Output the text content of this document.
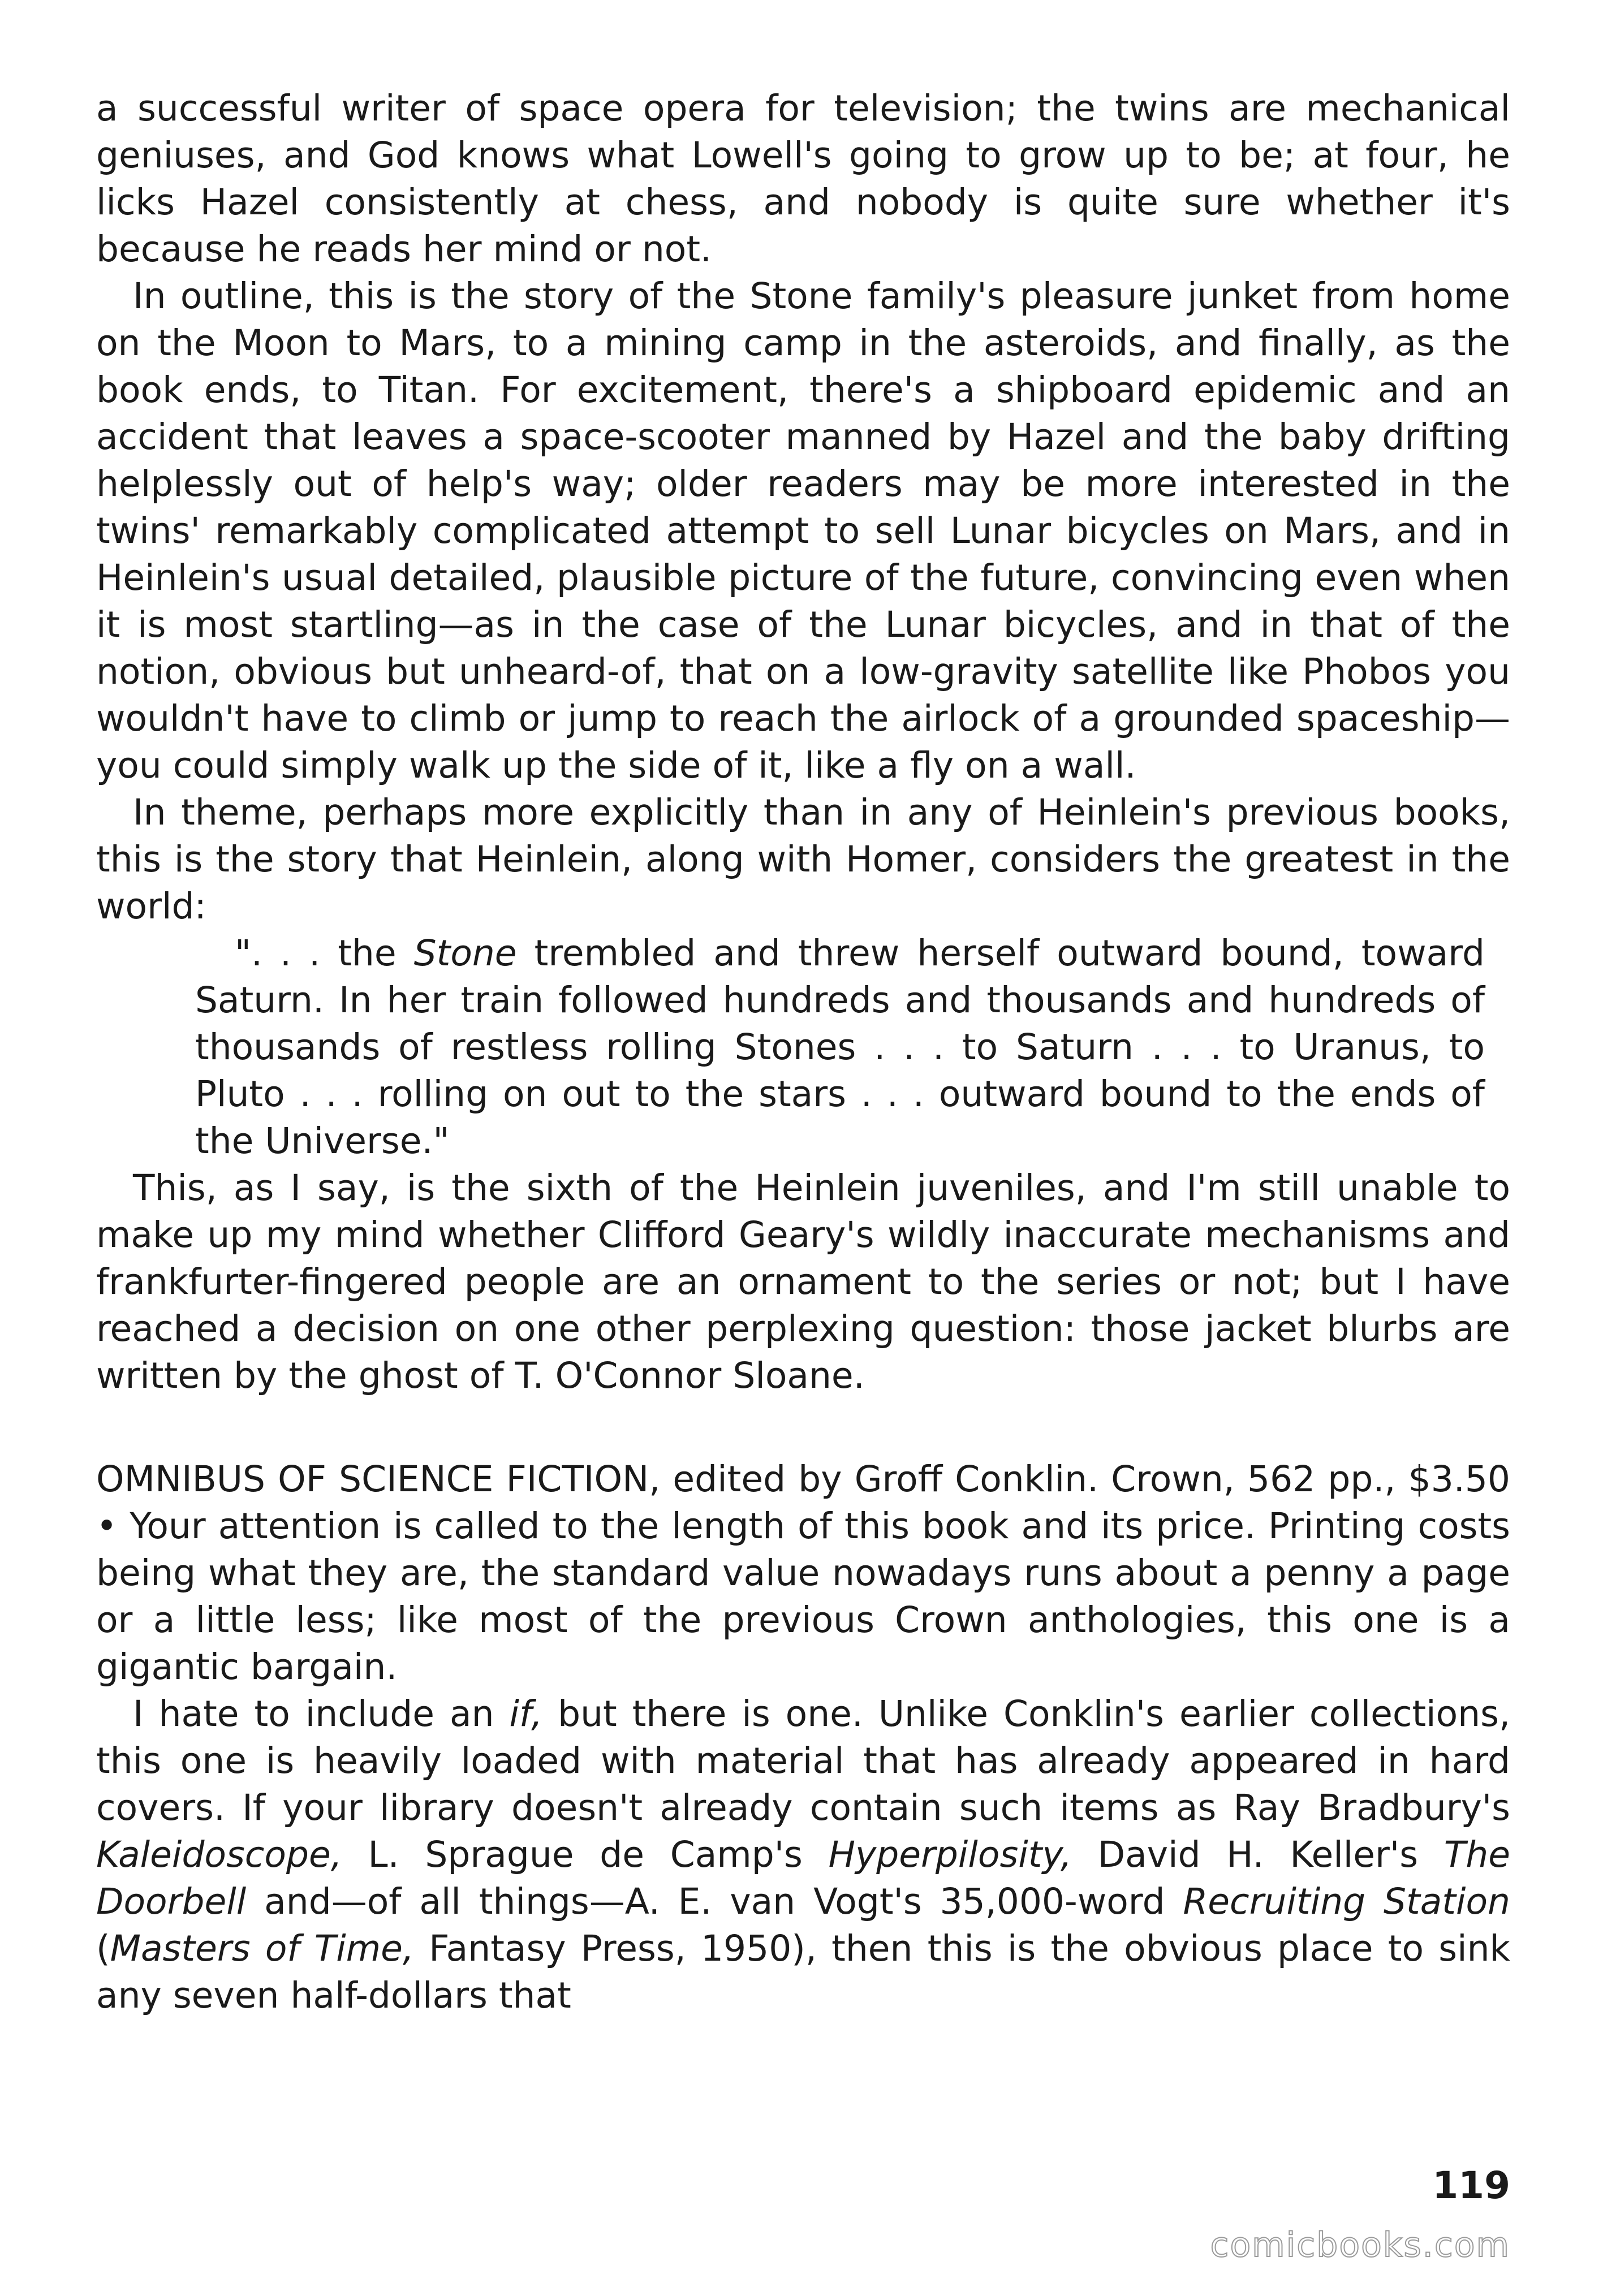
a successful writer of space opera for television; the twins are mechanical geniuses, and God knows what Lowell's going to grow up to be; at four, he licks Hazel consistently at chess, and nobody is quite sure whether it's because he reads her mind or not.

In outline, this is the story of the Stone family's pleasure junket from home on the Moon to Mars, to a mining camp in the asteroids, and finally, as the book ends, to Titan. For excitement, there's a shipboard epidemic and an accident that leaves a space-scooter manned by Hazel and the baby drifting helplessly out of help's way; older readers may be more interested in the twins' remarkably complicated attempt to sell Lunar bicycles on Mars, and in Heinlein's usual detailed, plausible picture of the future, convincing even when it is most startling—as in the case of the Lunar bicycles, and in that of the notion, obvious but unheard-of, that on a low-gravity satellite like Phobos you wouldn't have to climb or jump to reach the airlock of a grounded spaceship—you could simply walk up the side of it, like a fly on a wall.

In theme, perhaps more explicitly than in any of Heinlein's previous books, this is the story that Heinlein, along with Homer, considers the greatest in the world:

". . . the Stone trembled and threw herself outward bound, toward Saturn. In her train followed hundreds and thousands and hundreds of thousands of restless rolling Stones . . . to Saturn . . . to Uranus, to Pluto . . . rolling on out to the stars . . . outward bound to the ends of the Universe."

This, as I say, is the sixth of the Heinlein juveniles, and I'm still unable to make up my mind whether Clifford Geary's wildly inaccurate mechanisms and frankfurter-fingered people are an ornament to the series or not; but I have reached a decision on one other perplexing question: those jacket blurbs are written by the ghost of T. O'Connor Sloane.

OMNIBUS OF SCIENCE FICTION, edited by Groff Conklin. Crown, 562 pp., $3.50 • Your attention is called to the length of this book and its price. Printing costs being what they are, the standard value nowadays runs about a penny a page or a little less; like most of the previous Crown anthologies, this one is a gigantic bargain.

I hate to include an if, but there is one. Unlike Conklin's earlier collections, this one is heavily loaded with material that has already appeared in hard covers. If your library doesn't already contain such items as Ray Bradbury's Kaleidoscope, L. Sprague de Camp's Hyperpilosity, David H. Keller's The Doorbell and—of all things—A. E. van Vogt's 35,000-word Recruiting Station (Masters of Time, Fantasy Press, 1950), then this is the obvious place to sink any seven half-dollars that

119
comicbooks.com
